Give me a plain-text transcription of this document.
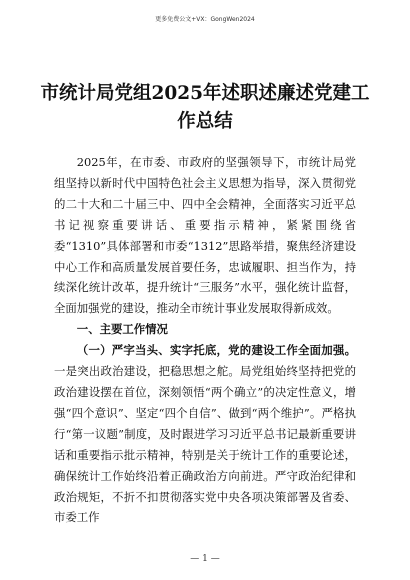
更多免费公文+VX：GongWen2024
市统计局党组2025年述职述廉述党建工作总结

2025年，在市委、市政府的坚强领导下，市统计局党组坚持以新时代中国特色社会主义思想为指导，深入贯彻党的二十大和二十届三中、四中全会精神，全面落实习近平总书记视察重要讲话、重要指示精神，紧紧围绕省委“1310”具体部署和市委“1312”思路举措，聚焦经济建设中心工作和高质量发展首要任务，忠诚履职、担当作为，持续深化统计改革，提升统计“三服务”水平，强化统计监督，全面加强党的建设，推动全市统计事业发展取得新成效。

一、主要工作情况

（一）严字当头、实字托底，党的建设工作全面加强。一是突出政治建设，把稳思想之舵。局党组始终坚持把党的政治建设摆在首位，深刻领悟“两个确立”的决定性意义，增强“四个意识”、坚定“四个自信”、做到“两个维护”。严格执行“第一议题”制度，及时跟进学习习近平总书记最新重要讲话和重要指示批示精神，特别是关于统计工作的重要论述，确保统计工作始终沿着正确政治方向前进。严守政治纪律和政治规矩，不折不扣贯彻落实党中央各项决策部署及省委、市委工作

— 1 —
